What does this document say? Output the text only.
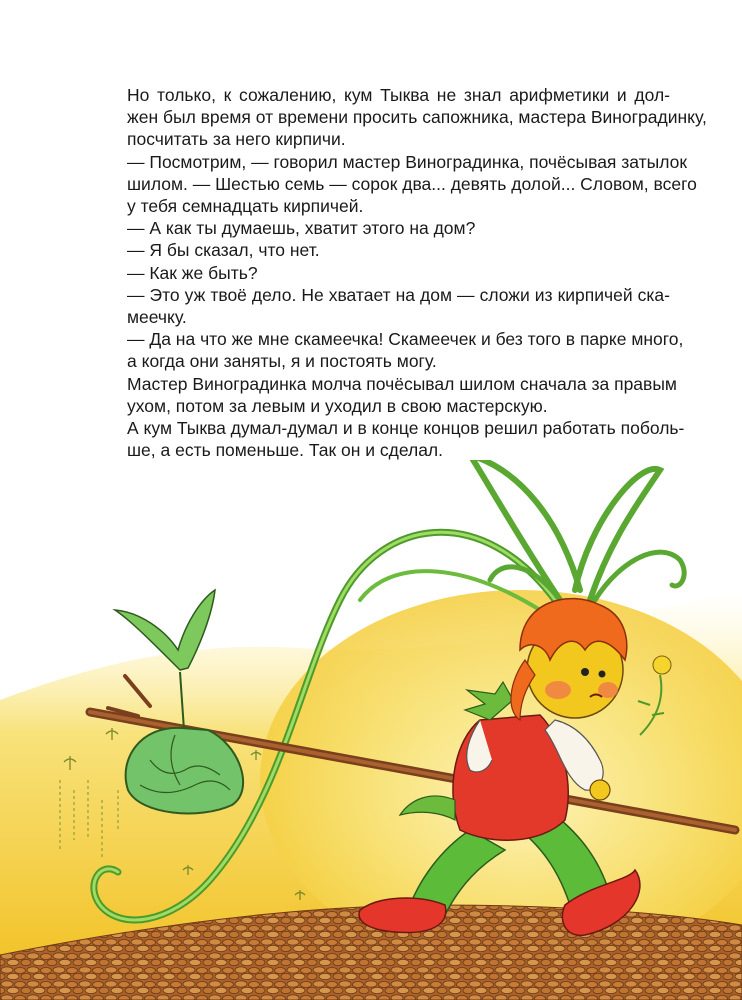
Но только, к сожалению, кум Тыква не знал арифметики и дол-
жен был время от времени просить сапожника, мастера Виноградинку,
посчитать за него кирпичи.

— Посмотрим, — говорил мастер Виноградинка, почёсывая затылок
шилом. — Шестью семь — сорок два... девять долой... Словом, всего
у тебя семнадцать кирпичей.

— А как ты думаешь, хватит этого на дом?

— Я бы сказал, что нет.

— Как же быть?

— Это уж твоё дело. Не хватает на дом — сложи из кирпичей ска-
меечку.

— Да на что же мне скамеечка! Скамеечек и без того в парке много,
а когда они заняты, я и постоять могу.

Мастер Виноградинка молча почёсывал шилом сначала за правым
ухом, потом за левым и уходил в свою мастерскую.

А кум Тыква думал-думал и в конце концов решил работать поболь-
ше, а есть поменьше. Так он и сделал.
